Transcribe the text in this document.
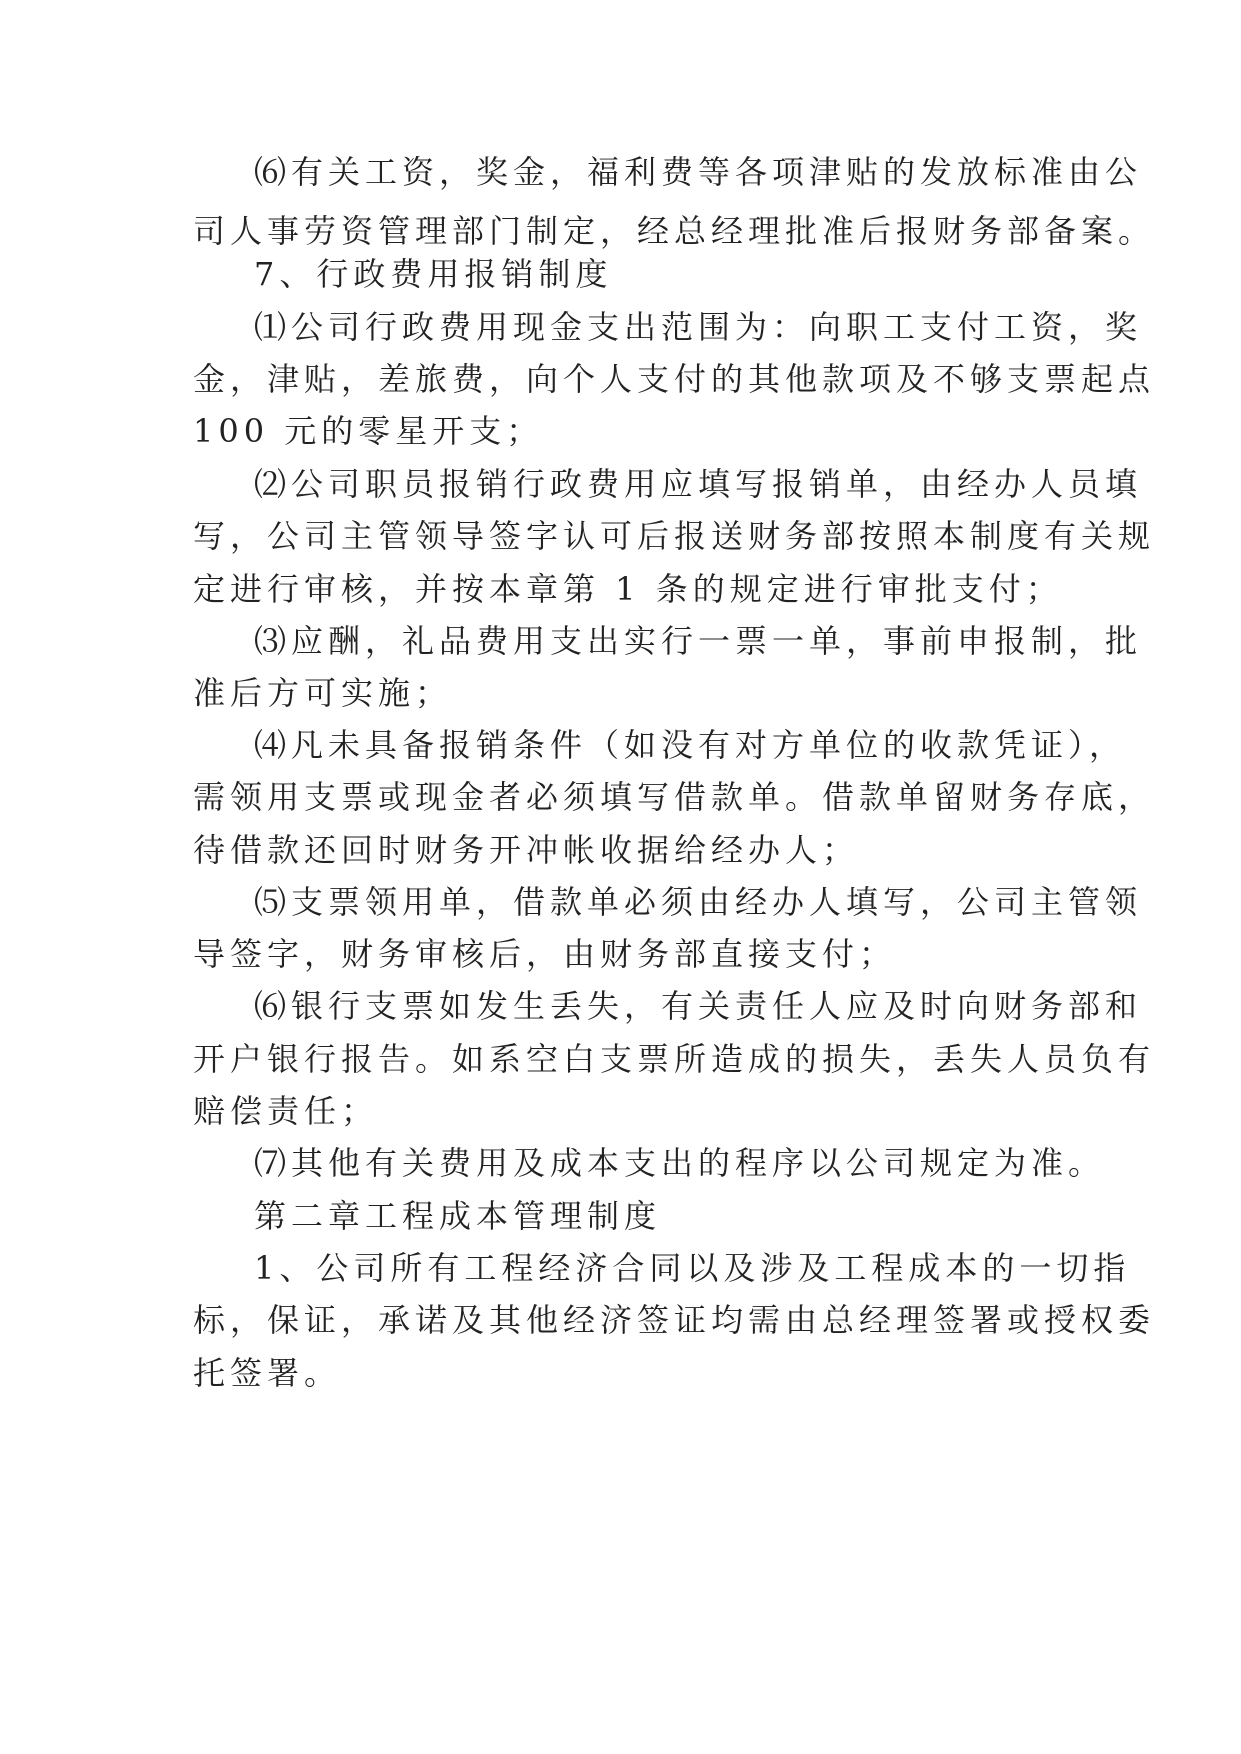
⑹有关工资，奖金，福利费等各项津贴的发放标准由公
司人事劳资管理部门制定，经总经理批准后报财务部备案。
7、行政费用报销制度
⑴公司行政费用现金支出范围为：向职工支付工资，奖
金，津贴，差旅费，向个人支付的其他款项及不够支票起点
100 元的零星开支；
⑵公司职员报销行政费用应填写报销单，由经办人员填
写，公司主管领导签字认可后报送财务部按照本制度有关规
定进行审核，并按本章第 1 条的规定进行审批支付；
⑶应酬，礼品费用支出实行一票一单，事前申报制，批
准后方可实施；
⑷凡未具备报销条件（如没有对方单位的收款凭证），
需领用支票或现金者必须填写借款单。借款单留财务存底，
待借款还回时财务开冲帐收据给经办人；
⑸支票领用单，借款单必须由经办人填写，公司主管领
导签字，财务审核后，由财务部直接支付；
⑹银行支票如发生丢失，有关责任人应及时向财务部和
开户银行报告。如系空白支票所造成的损失，丢失人员负有
赔偿责任；
⑺其他有关费用及成本支出的程序以公司规定为准。
第二章工程成本管理制度
1、公司所有工程经济合同以及涉及工程成本的一切指
标，保证，承诺及其他经济签证均需由总经理签署或授权委
托签署。
